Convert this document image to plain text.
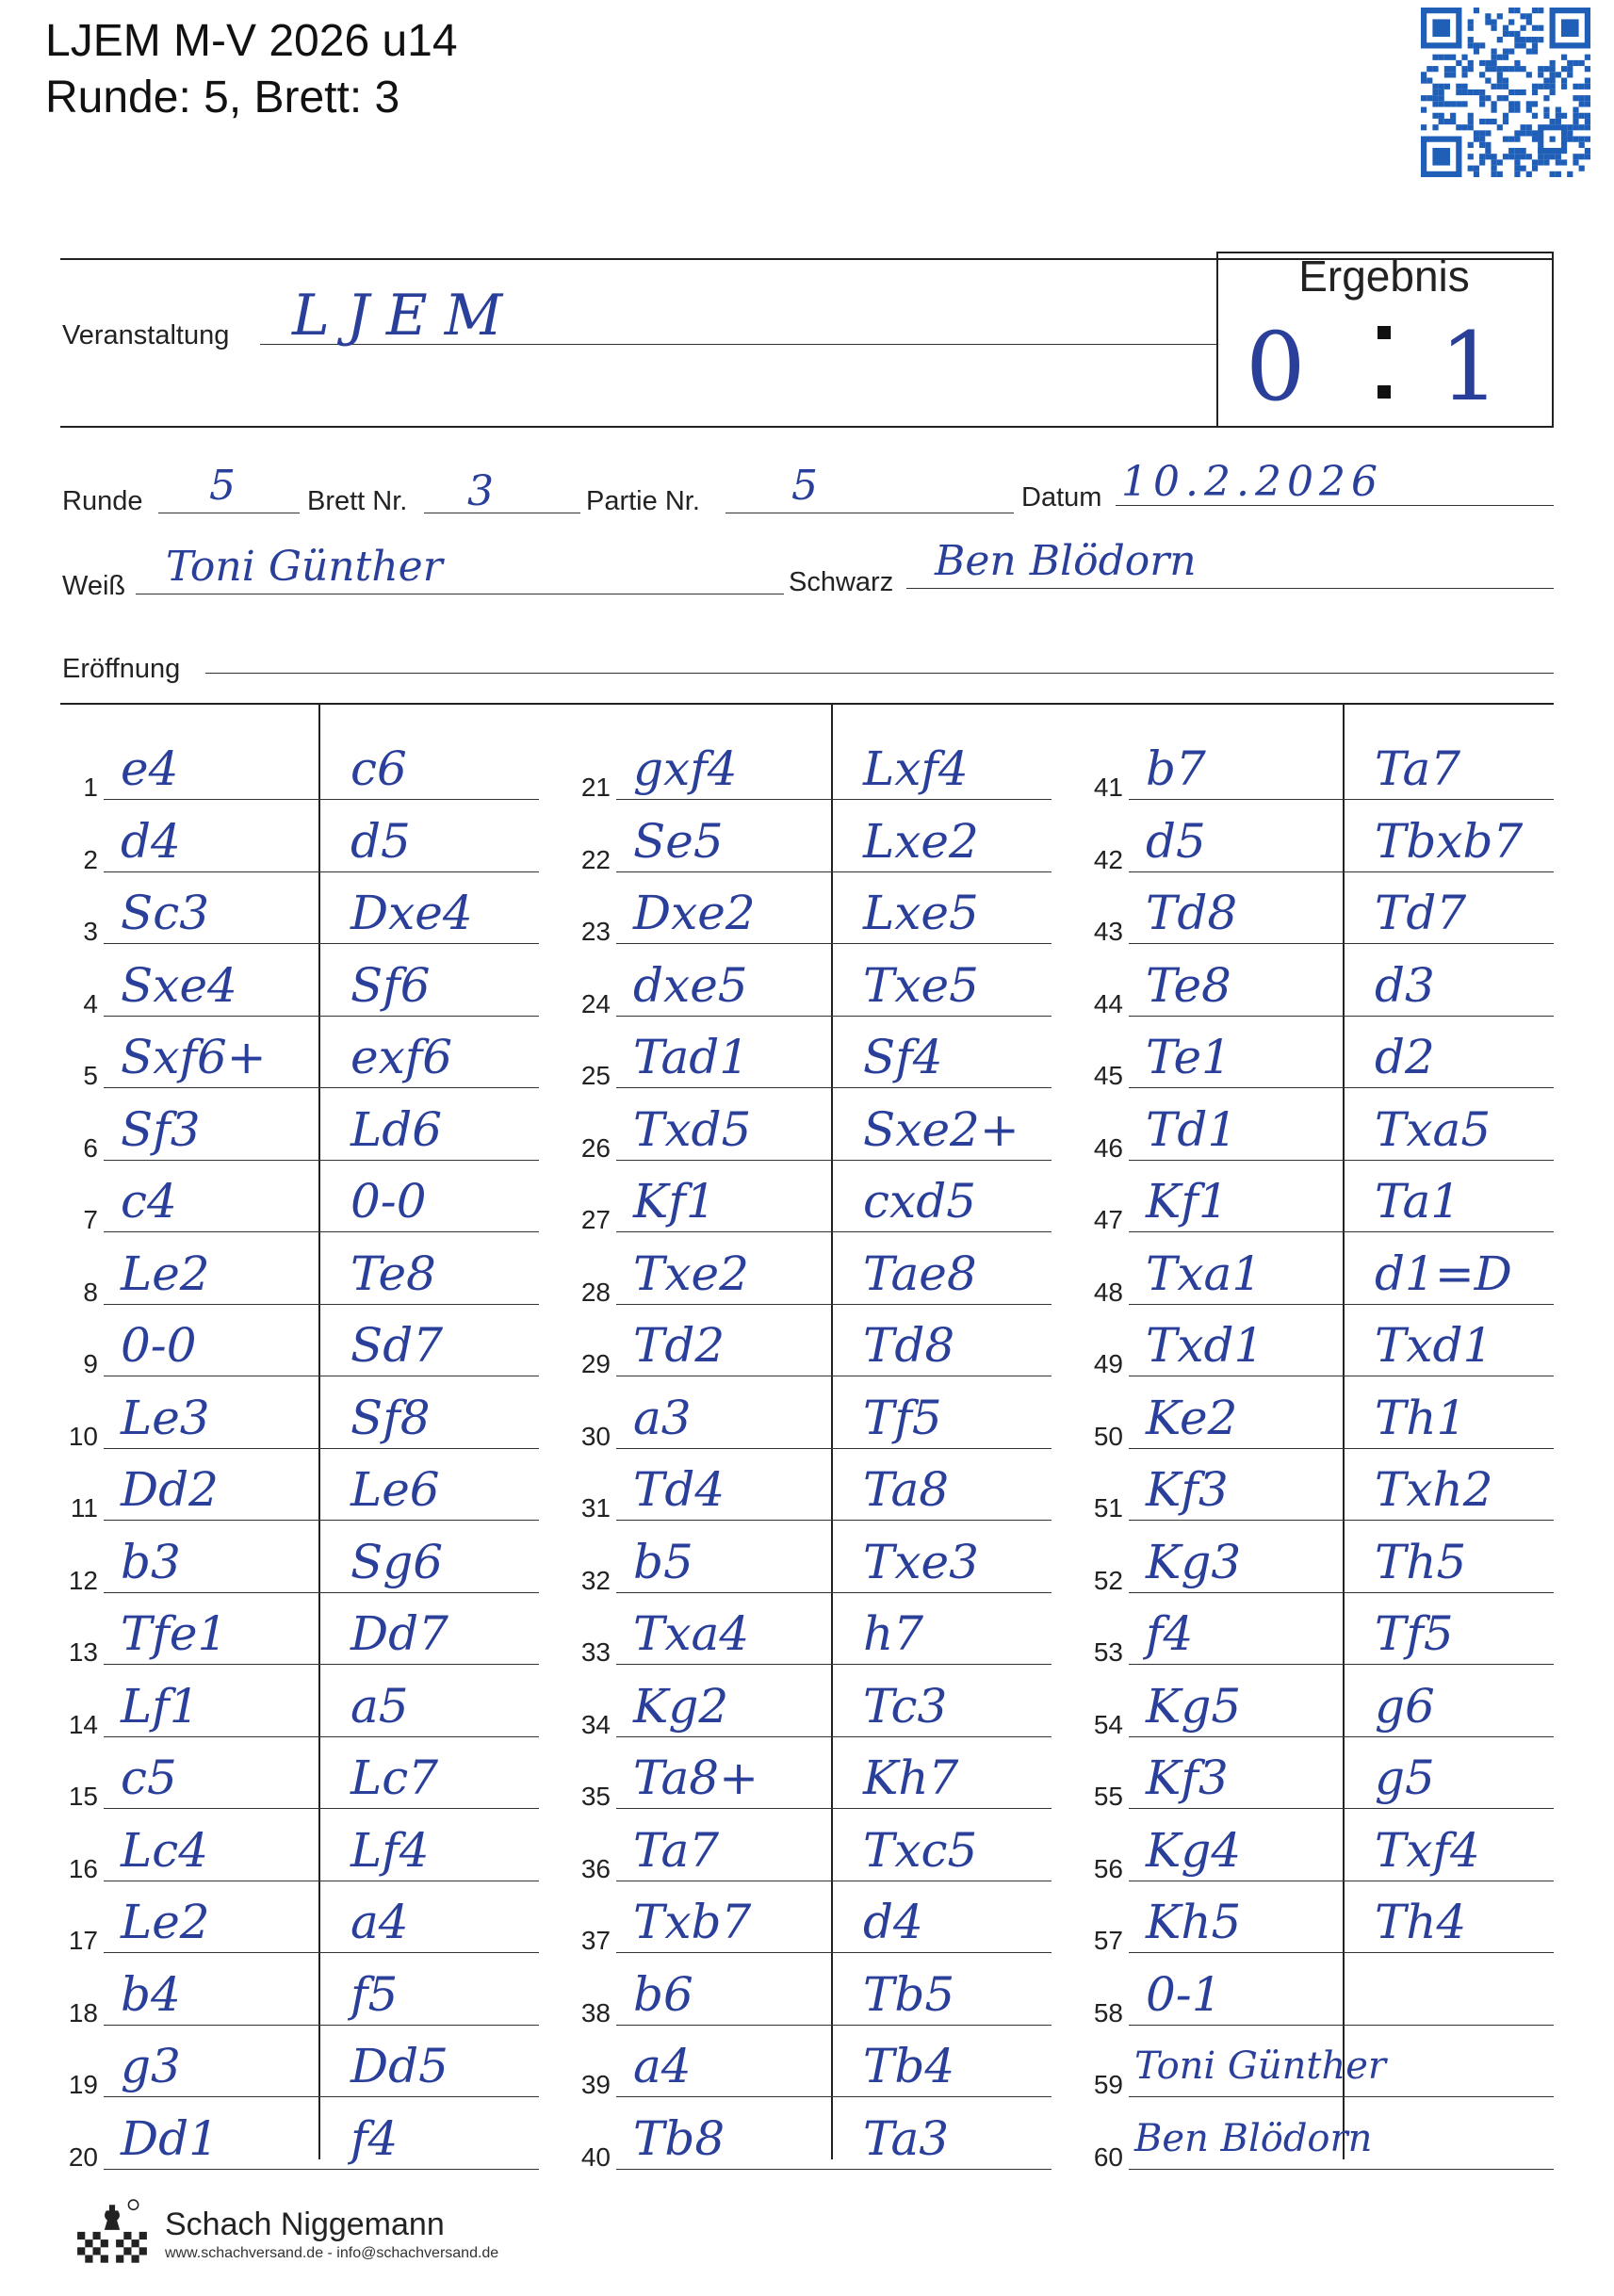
LJEM M-V 2026 u14
Runde: 5, Brett: 3
Veranstaltung LJEM
Ergebnis
0 1
Runde 5	Brett Nr. 3	Partie Nr. 5	Datum 10.2.2026
Weiß Toni Günther	Schwarz Ben Blödorn
Eröffnung
1 e4	c6
2 d4	d5
3 Sc3	Dxe4
4 Sxe4 Sf6
5 Sxf6+ exf6
6 Sf3	Ld6
7 c4	0-0
8 Le2	Te8
9 0-0	Sd7
10 Le3	Sf8
11 Dd2	Le6
12 b3	Sg6
13 Tfe1	Dd7
14 Lf1	a5
15 c5	Lc7
16 Lc4	Lf4
17 Le2	a4
18 b4	f5
19 g3	Dd5
20 Dd1	f4
21 gxf4	Lxf4
22 Se5	Lxe2
23 Dxe2 Lxe5
24 dxe5 Txe5
25 Tad1 Sf4
26 Txd5 Sxe2+
27 Kf1	cxd5
28 Txe2 Tae8
29 Td2	Td8
30 a3	Tf5
31 Td4	Ta8
32 b5	Txe3
33 Txa4 h7
34 Kg2	Tc3
35 Ta8+ Kh7
36 Ta7	Txc5
37 Txb7 d4
38 b6	Tb5
39 a4	Tb4
40 Tb8	Ta3
41 b7	Ta7
42 d5	Tbxb7
43 Td8	Td7
44 Te8	d3
45 Te1	d2
46 Td1	Txa5
47 Kf1	Ta1
48 Txa1 d1=D
49 Txd1 Txd1
50 Ke2	Th1
51 Kf3	Txh2
52 Kg3	Th5
53 f4	Tf5
54 Kg5	g6
55 Kf3	g5
56 Kg4	Txf4
57 Kh5	Th4
58 0-1
59 Toni Günther
60 Ben Blödorn
Schach Niggemann
www.schachversand.de - info@schachversand.de
